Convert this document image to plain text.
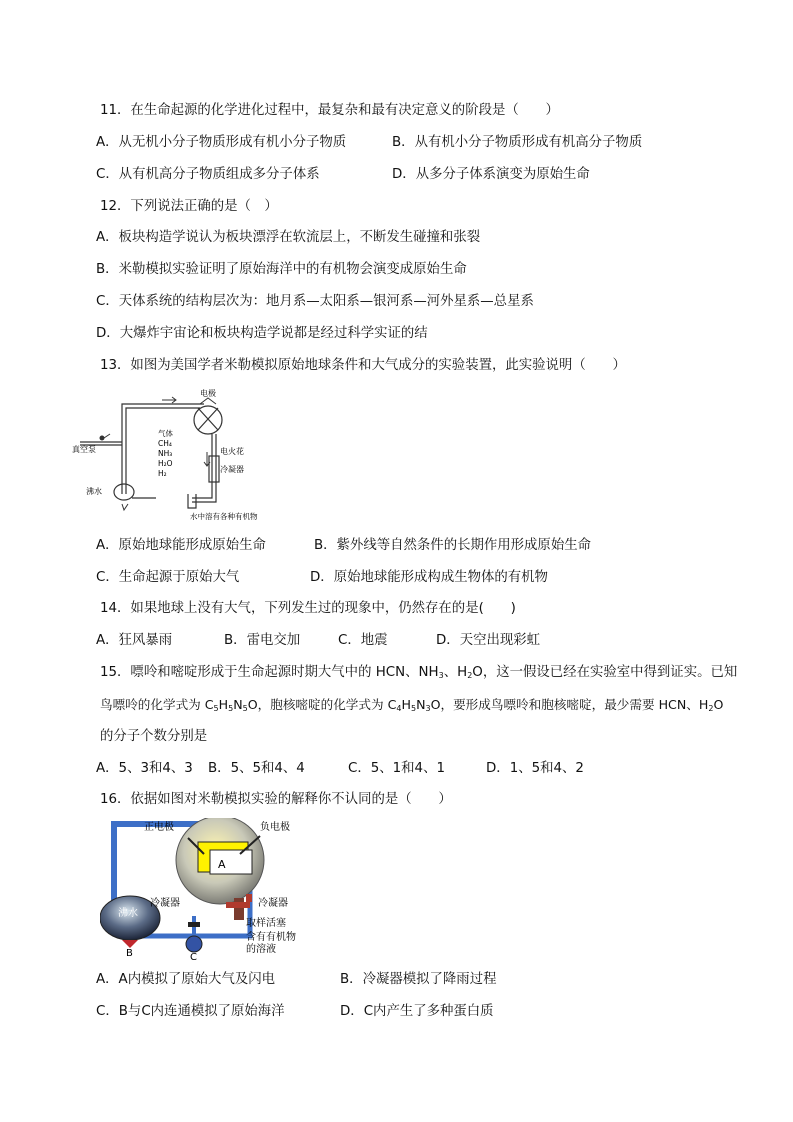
11．在生命起源的化学进化过程中，最复杂和最有决定意义的阶段是（　　）
A．从无机小分子物质形成有机小分子物质	B．从有机小分子物质形成有机高分子物质
C．从有机高分子物质组成多分子体系	D．从多分子体系演变为原始生命
12．下列说法正确的是（　）
A．板块构造学说认为板块漂浮在软流层上，不断发生碰撞和张裂
B．米勒模拟实验证明了原始海洋中的有机物会演变成原始生命
C．天体系统的结构层次为：地月系—太阳系—银河系—河外星系—总星系
D．大爆炸宇宙论和板块构造学说都是经过科学实证的结
13．如图为美国学者米勒模拟原始地球条件和大气成分的实验装置，此实验说明（　　）
电极
气体
CH₄
NH₃
H₂O
H₂
电火花
冷凝器
真空泵
沸水
水中溶有各种有机物
A．原始地球能形成原始生命	B．紫外线等自然条件的长期作用形成原始生命
C．生命起源于原始大气	D．原始地球能形成构成生物体的有机物
14．如果地球上没有大气，下列发生过的现象中，仍然存在的是(　　)
A．狂风暴雨	B．雷电交加	C．地震	D．天空出现彩虹
15．嘌呤和嘧啶形成于生命起源时期大气中的 HCN、$NH_3$、$H_2O$，这一假设已经在实验室中得到证实。已知
鸟嘌呤的化学式为 $C_5H_5N_5O$，胞核嘧啶的化学式为 $C_4H_5N_3O$，要形成鸟嘌呤和胞核嘧啶，最少需要 HCN、$H_2O$
的分子个数分别是
A．5、3和4、3 B．5、5和4、4	C．5、1和4、1	D．1、5和4、2
16．依据如图对米勒模拟实验的解释你不认同的是（　　）
正电极	负电极
A
沸水
冷凝器	冷凝器
取样活塞
含有有机物
的溶液
B	C
A．A内模拟了原始大气及闪电	B．冷凝器模拟了降雨过程
C．B与C内连通模拟了原始海洋	D．C内产生了多种蛋白质
